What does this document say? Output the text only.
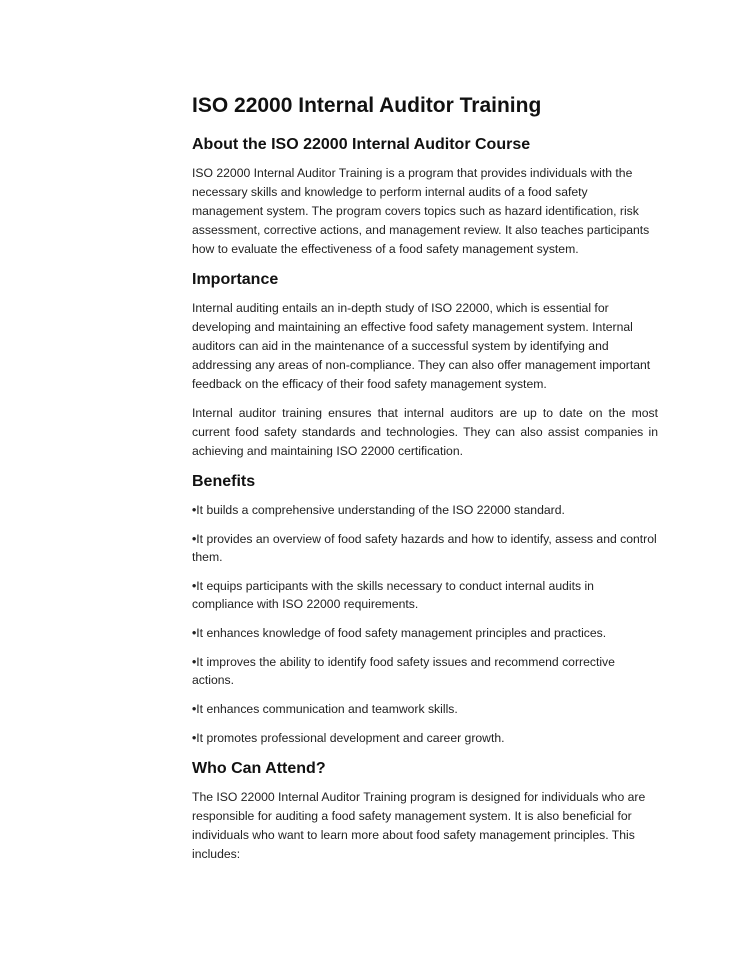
ISO 22000 Internal Auditor Training
About the ISO 22000 Internal Auditor Course

ISO 22000 Internal Auditor Training is a program that provides individuals with the necessary skills and knowledge to perform internal audits of a food safety management system. The program covers topics such as hazard identification, risk assessment, corrective actions, and management review. It also teaches participants how to evaluate the effectiveness of a food safety management system.

Importance

Internal auditing entails an in-depth study of ISO 22000, which is essential for developing and maintaining an effective food safety management system. Internal auditors can aid in the maintenance of a successful system by identifying and addressing any areas of non-compliance. They can also offer management important feedback on the efficacy of their food safety management system.

Internal auditor training ensures that internal auditors are up to date on the most current food safety standards and technologies. They can also assist companies in achieving and maintaining ISO 22000 certification.

Benefits
•It builds a comprehensive understanding of the ISO 22000 standard.
•It provides an overview of food safety hazards and how to identify, assess and control them.
•It equips participants with the skills necessary to conduct internal audits in compliance with ISO 22000 requirements.
•It enhances knowledge of food safety management principles and practices.
•It improves the ability to identify food safety issues and recommend corrective actions.
•It enhances communication and teamwork skills.
•It promotes professional development and career growth.
Who Can Attend?

The ISO 22000 Internal Auditor Training program is designed for individuals who are responsible for auditing a food safety management system. It is also beneficial for individuals who want to learn more about food safety management principles. This includes:
